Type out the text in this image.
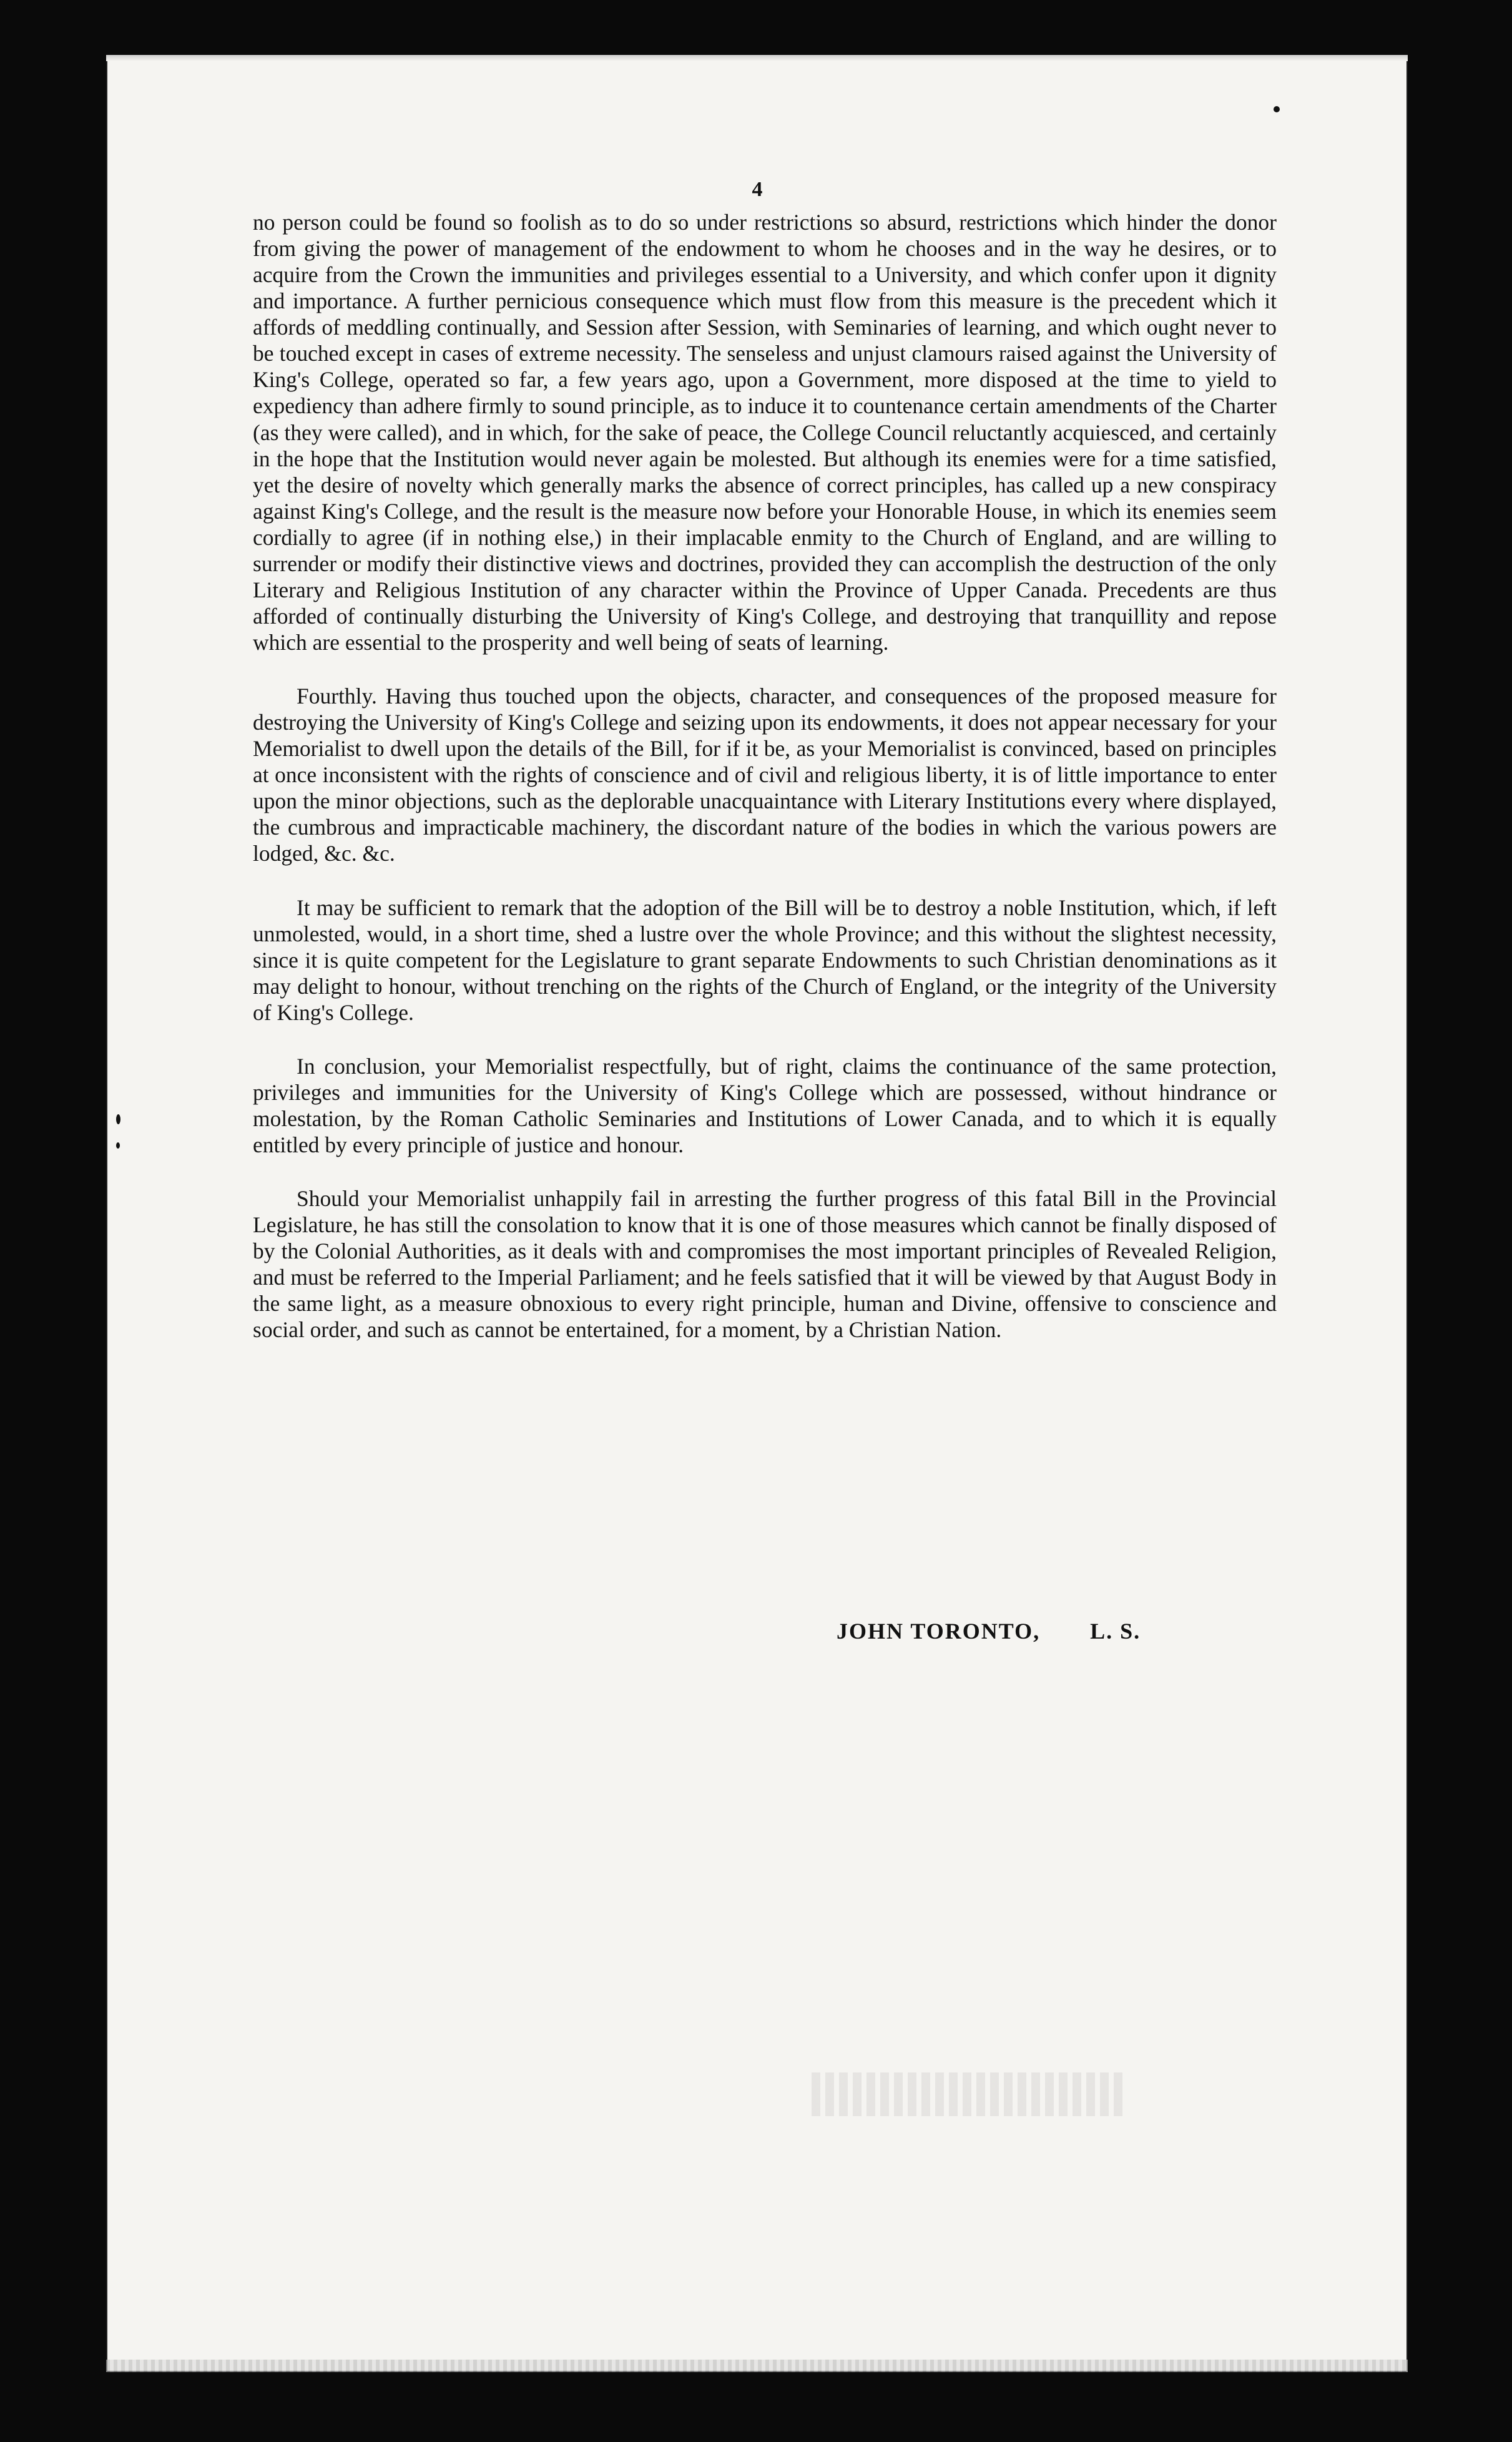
4

no person could be found so foolish as to do so under restrictions so absurd, restrictions which hinder the donor from giving the power of management of the endowment to whom he chooses and in the way he desires, or to acquire from the Crown the immunities and privileges essential to a University, and which confer upon it dignity and importance. A further pernicious consequence which must flow from this measure is the precedent which it affords of meddling continually, and Session after Session, with Seminaries of learning, and which ought never to be touched except in cases of extreme necessity. The senseless and unjust clamours raised against the University of King's College, operated so far, a few years ago, upon a Government, more disposed at the time to yield to expediency than adhere firmly to sound principle, as to induce it to countenance certain amendments of the Charter (as they were called), and in which, for the sake of peace, the College Council reluctantly acquiesced, and certainly in the hope that the Institution would never again be molested. But although its enemies were for a time satisfied, yet the desire of novelty which generally marks the absence of correct principles, has called up a new conspiracy against King's College, and the result is the measure now before your Honorable House, in which its enemies seem cordially to agree (if in nothing else,) in their implacable enmity to the Church of England, and are willing to surrender or modify their distinctive views and doctrines, provided they can accomplish the destruction of the only Literary and Religious Institution of any character within the Province of Upper Canada. Precedents are thus afforded of continually disturbing the University of King's College, and destroying that tranquillity and repose which are essential to the prosperity and well being of seats of learning.

Fourthly. Having thus touched upon the objects, character, and consequences of the proposed measure for destroying the University of King's College and seizing upon its endowments, it does not appear necessary for your Memorialist to dwell upon the details of the Bill, for if it be, as your Memorialist is convinced, based on principles at once inconsistent with the rights of conscience and of civil and religious liberty, it is of little importance to enter upon the minor objections, such as the deplorable unacquaintance with Literary Institutions every where displayed, the cumbrous and impracticable machinery, the discordant nature of the bodies in which the various powers are lodged, &c. &c.

It may be sufficient to remark that the adoption of the Bill will be to destroy a noble Institution, which, if left unmolested, would, in a short time, shed a lustre over the whole Province; and this without the slightest necessity, since it is quite competent for the Legislature to grant separate Endowments to such Christian denominations as it may delight to honour, without trenching on the rights of the Church of England, or the integrity of the University of King's College.

In conclusion, your Memorialist respectfully, but of right, claims the continuance of the same protection, privileges and immunities for the University of King's College which are possessed, without hindrance or molestation, by the Roman Catholic Seminaries and Institutions of Lower Canada, and to which it is equally entitled by every principle of justice and honour.

Should your Memorialist unhappily fail in arresting the further progress of this fatal Bill in the Provincial Legislature, he has still the consolation to know that it is one of those measures which cannot be finally disposed of by the Colonial Authorities, as it deals with and compromises the most important principles of Revealed Religion, and must be referred to the Imperial Parliament; and he feels satisfied that it will be viewed by that August Body in the same light, as a measure obnoxious to every right principle, human and Divine, offensive to conscience and social order, and such as cannot be entertained, for a moment, by a Christian Nation.

JOHN TORONTO, L. S.
